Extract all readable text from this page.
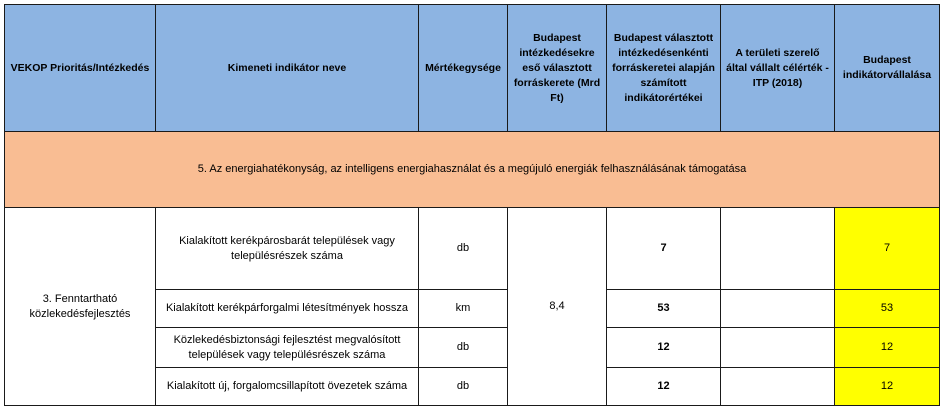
VEKOP Prioritás/Intézkedés	Kimeneti indikátor neve	Mértékegysége	Budapest intézkedésekre eső választott forráskerete (Mrd Ft)	Budapest választott intézkedésenkénti forráskeretei alapján számított indikátorértékei	A területi szerelő által vállalt célérték - ITP (2018)	Budapest indikátorvállalása
5. Az energiahatékonyság, az intelligens energiahasználat és a megújuló energiák felhasználásának támogatása						
3. Fenntartható közlekedésfejlesztés	Kialakított kerékpárosbarát települések vagy településrészek száma	db	8,4	7		7
	Kialakított kerékpárforgalmi létesítmények hossza	km		53		53
	Közlekedésbiztonsági fejlesztést megvalósított települések vagy településrészek száma	db		12		12
	Kialakított új, forgalomcsillapított övezetek száma	db		12		12
